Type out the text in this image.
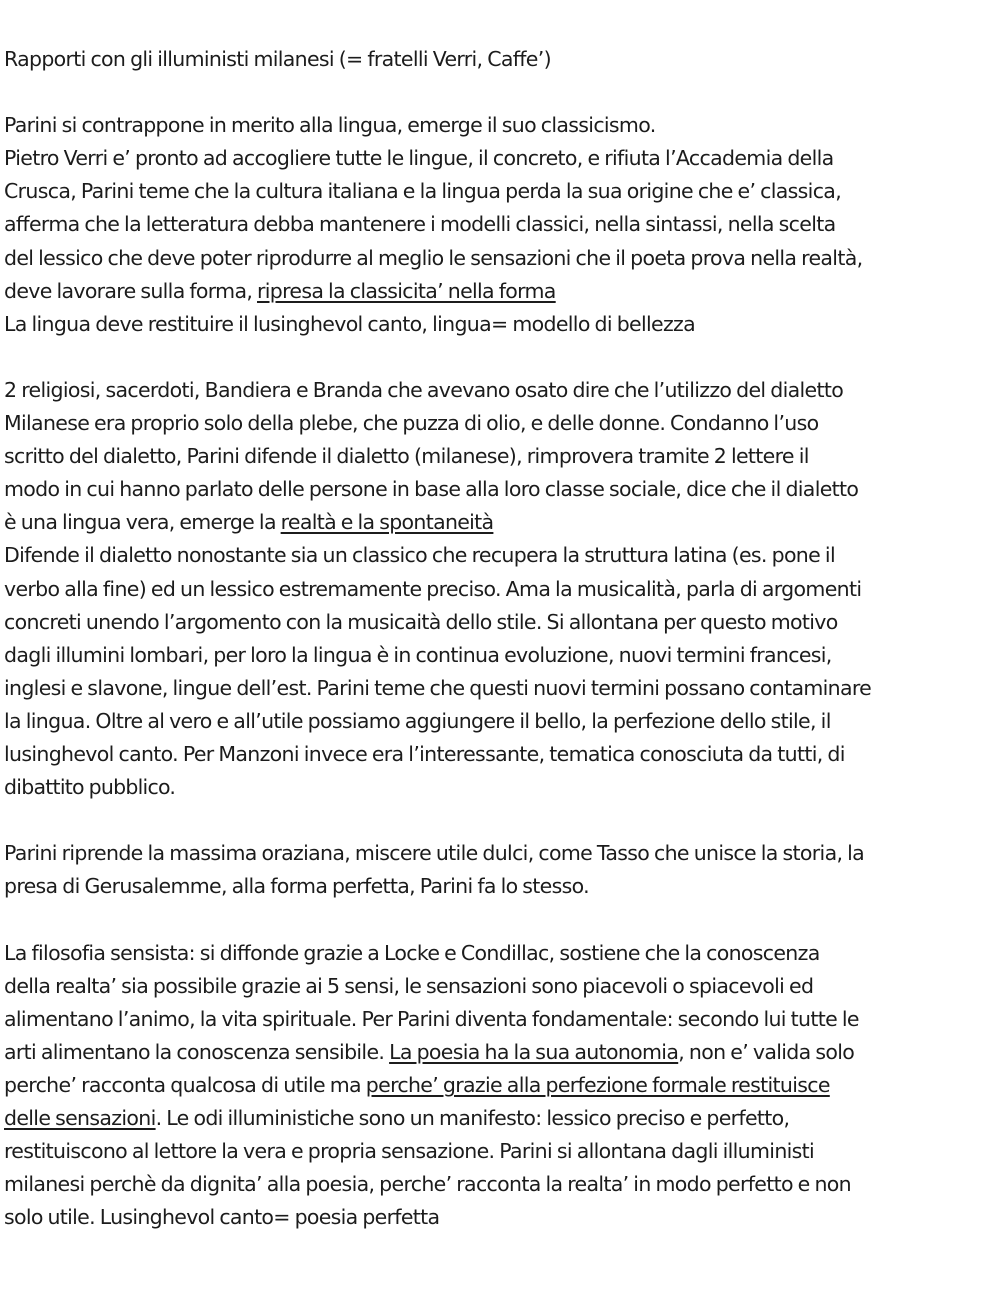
Rapporti con gli illuministi milanesi (= fratelli Verri, Caffe’)
Parini si contrappone in merito alla lingua, emerge il suo classicismo.
Pietro Verri e’ pronto ad accogliere tutte le lingue, il concreto, e rifiuta l’Accademia della
Crusca, Parini teme che la cultura italiana e la lingua perda la sua origine che e’ classica,
afferma che la letteratura debba mantenere i modelli classici, nella sintassi, nella scelta
del lessico che deve poter riprodurre al meglio le sensazioni che il poeta prova nella realtà,
deve lavorare sulla forma, ripresa la classicita’ nella forma
La lingua deve restituire il lusinghevol canto, lingua= modello di bellezza
2 religiosi, sacerdoti, Bandiera e Branda che avevano osato dire che l’utilizzo del dialetto
Milanese era proprio solo della plebe, che puzza di olio, e delle donne. Condanno l’uso
scritto del dialetto, Parini difende il dialetto (milanese), rimprovera tramite 2 lettere il
modo in cui hanno parlato delle persone in base alla loro classe sociale, dice che il dialetto
è una lingua vera, emerge la realtà e la spontaneità
Difende il dialetto nonostante sia un classico che recupera la struttura latina (es. pone il
verbo alla fine) ed un lessico estremamente preciso. Ama la musicalità, parla di argomenti
concreti unendo l’argomento con la musicaità dello stile. Si allontana per questo motivo
dagli illumini lombari, per loro la lingua è in continua evoluzione, nuovi termini francesi,
inglesi e slavone, lingue dell’est. Parini teme che questi nuovi termini possano contaminare
la lingua. Oltre al vero e all’utile possiamo aggiungere il bello, la perfezione dello stile, il
lusinghevol canto. Per Manzoni invece era l’interessante, tematica conosciuta da tutti, di
dibattito pubblico.
Parini riprende la massima oraziana, miscere utile dulci, come Tasso che unisce la storia, la
presa di Gerusalemme, alla forma perfetta, Parini fa lo stesso.
La filosofia sensista: si diffonde grazie a Locke e Condillac, sostiene che la conoscenza
della realta’ sia possibile grazie ai 5 sensi, le sensazioni sono piacevoli o spiacevoli ed
alimentano l’animo, la vita spirituale. Per Parini diventa fondamentale: secondo lui tutte le
arti alimentano la conoscenza sensibile. La poesia ha la sua autonomia, non e’ valida solo
perche’ racconta qualcosa di utile ma perche’ grazie alla perfezione formale restituisce
delle sensazioni. Le odi illuministiche sono un manifesto: lessico preciso e perfetto,
restituiscono al lettore la vera e propria sensazione. Parini si allontana dagli illuministi
milanesi perchè da dignita’ alla poesia, perche’ racconta la realta’ in modo perfetto e non
solo utile. Lusinghevol canto= poesia perfetta
